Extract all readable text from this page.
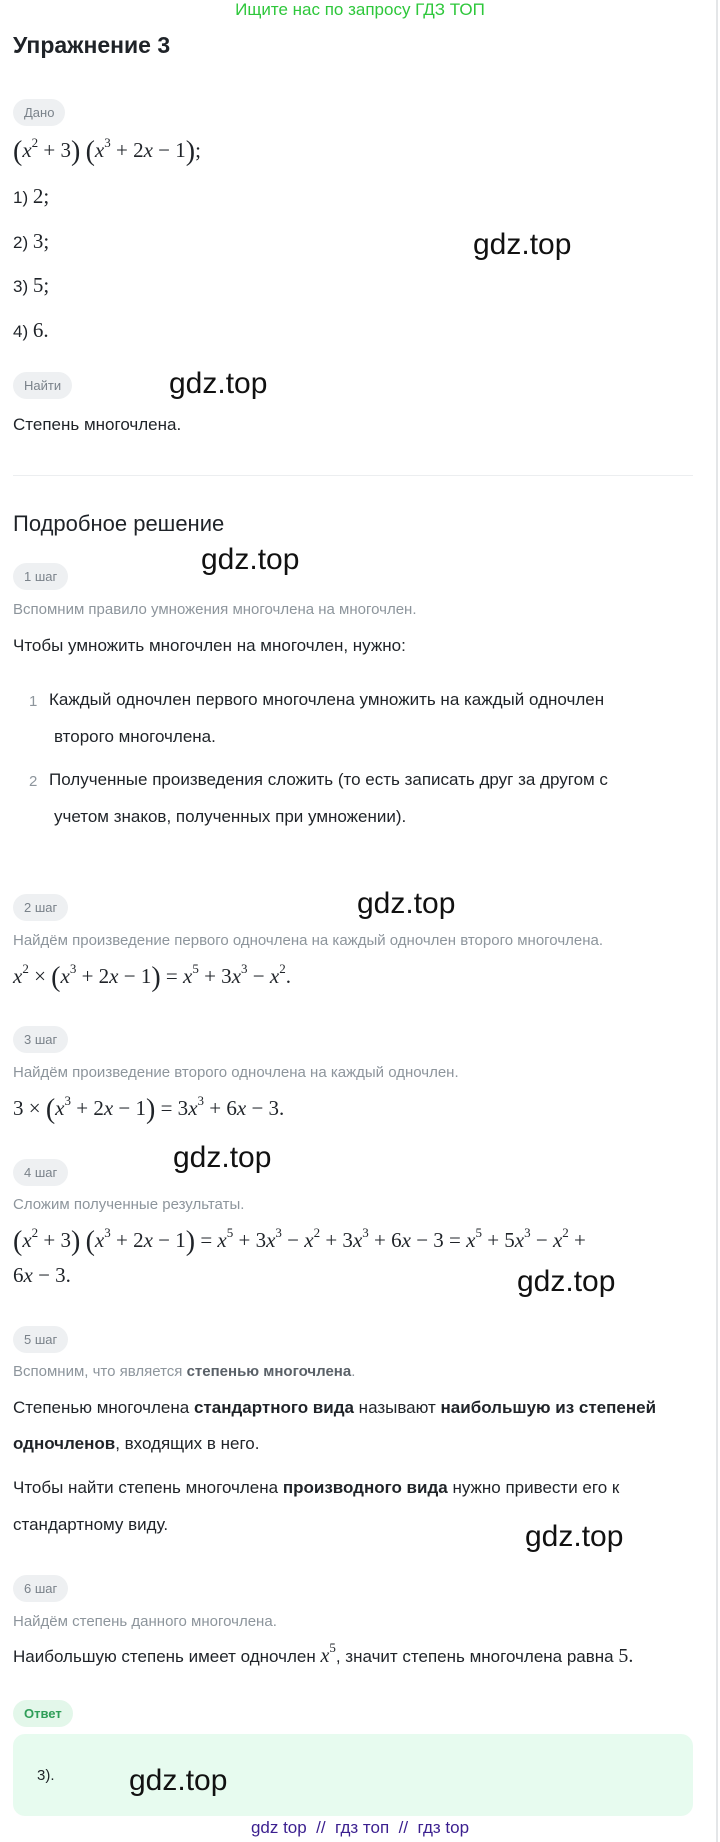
Ищите нас по запросу ГДЗ ТОП
Упражнение 3
Дано
$(x^2 + 3) (x^3 + 2x - 1)$;
1) 2;
2) 3;
3) 5;
4) 6.
Найти
Степень многочлена.
Подробное решение
1 шаг
Вспомним правило умножения многочлена на многочлен.
Чтобы умножить многочлен на многочлен, нужно:
1 Каждый одночлен первого многочлена умножить на каждый одночлен
второго многочлена.
2 Полученные произведения сложить (то есть записать друг за другом с
учетом знаков, полученных при умножении).
2 шаг
Найдём произведение первого одночлена на каждый одночлен второго многочлена.
$x^2 \times (x^3 + 2x - 1) = x^5 + 3x^3 - x^2$.
3 шаг
Найдём произведение второго одночлена на каждый одночлен.
$3 \times (x^3 + 2x - 1) = 3x^3 + 6x - 3$.
4 шаг
Сложим полученные результаты.
$(x^2 + 3) (x^3 + 2x - 1) = x^5 + 3x^3 - x^2 + 3x^3 + 6x - 3 = x^5 + 5x^3 - x^2$ +
6x − 3.
5 шаг
Вспомним, что является степенью многочлена.
Степенью многочлена стандартного вида называют наибольшую из степеней
одночленов, входящих в него.
Чтобы найти степень многочлена производного вида нужно привести его к
стандартному виду.
6 шаг
Найдём степень данного многочлена.
Наибольшую степень имеет одночлен $x^5$, значит степень многочлена равна 5.
Ответ
3).
gdz.top
gdz.top
gdz.top
gdz.top
gdz.top
gdz.top
gdz.top
gdz.top
gdz top  //  гдз топ  //  гдз top
